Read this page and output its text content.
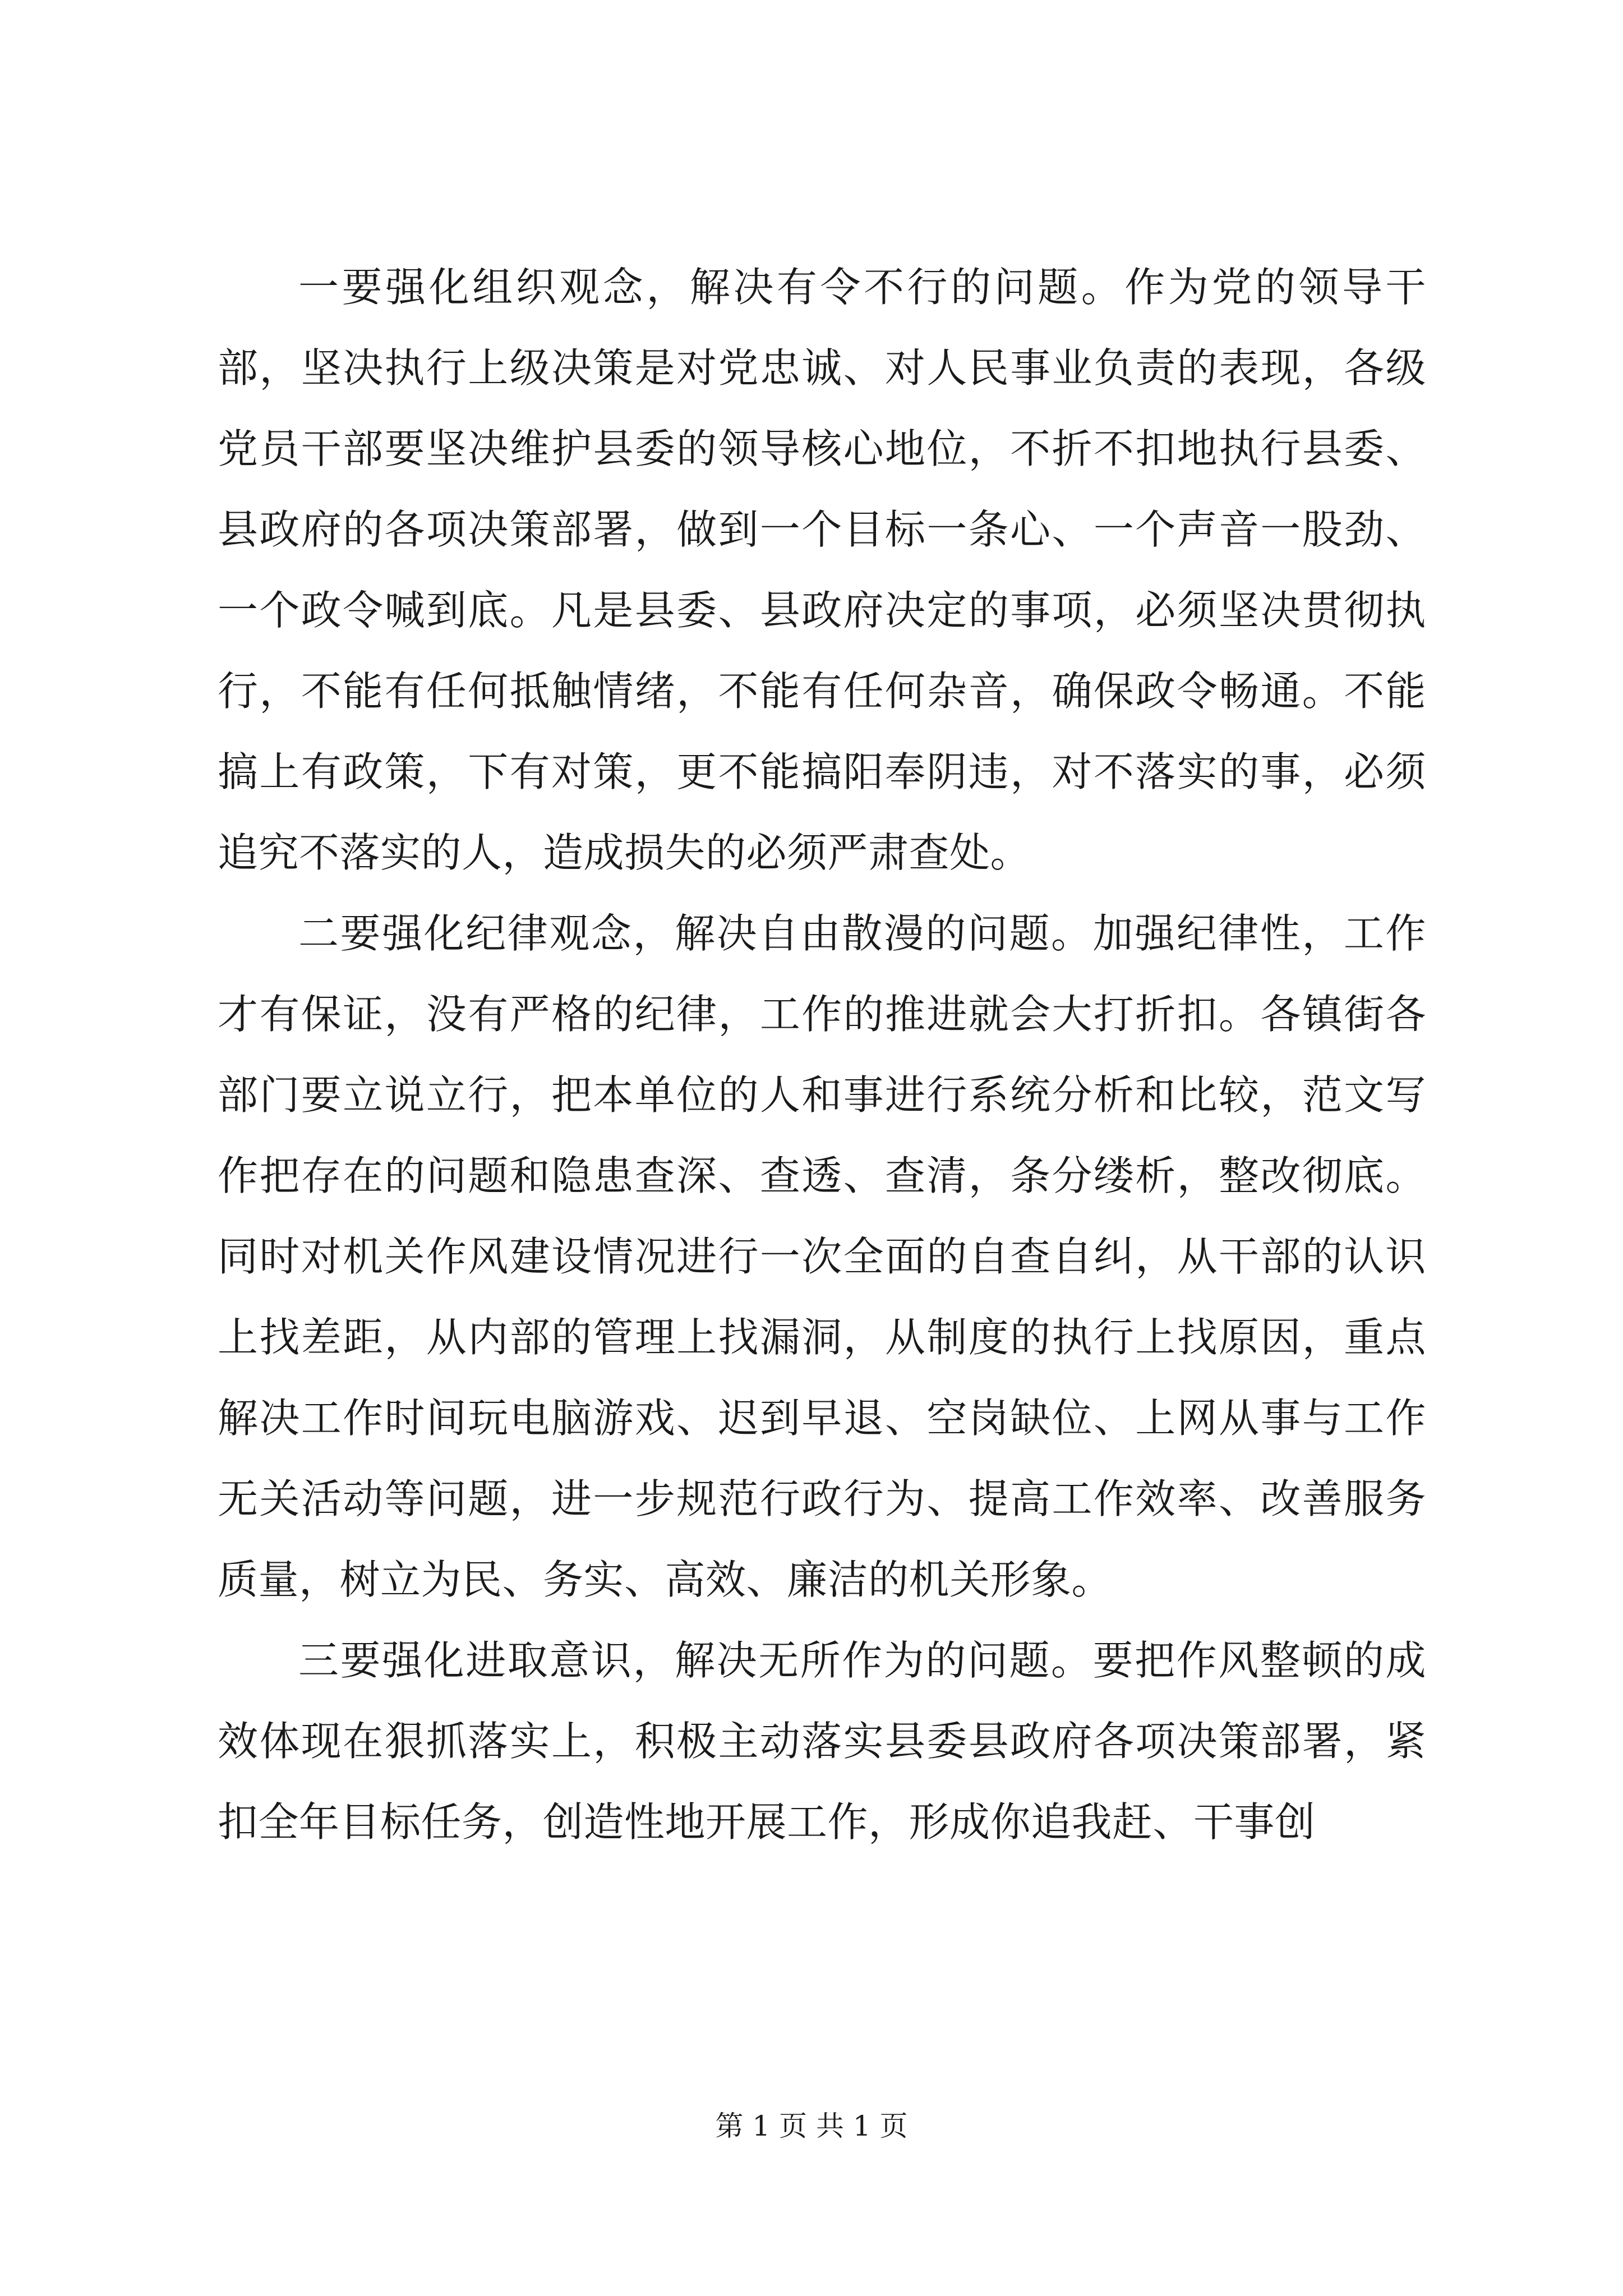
一要强化组织观念，解决有令不行的问题。作为党的领导干部，坚决执行上级决策是对党忠诚、对人民事业负责的表现，各级党员干部要坚决维护县委的领导核心地位，不折不扣地执行县委、县政府的各项决策部署，做到一个目标一条心、一个声音一股劲、一个政令喊到底。凡是县委、县政府决定的事项，必须坚决贯彻执行，不能有任何抵触情绪，不能有任何杂音，确保政令畅通。不能搞上有政策，下有对策，更不能搞阳奉阴违，对不落实的事，必须追究不落实的人，造成损失的必须严肃查处。

二要强化纪律观念，解决自由散漫的问题。加强纪律性，工作才有保证，没有严格的纪律，工作的推进就会大打折扣。各镇街各部门要立说立行，把本单位的人和事进行系统分析和比较，范文写作把存在的问题和隐患查深、查透、查清，条分缕析，整改彻底。同时对机关作风建设情况进行一次全面的自查自纠，从干部的认识上找差距，从内部的管理上找漏洞，从制度的执行上找原因，重点解决工作时间玩电脑游戏、迟到早退、空岗缺位、上网从事与工作无关活动等问题，进一步规范行政行为、提高工作效率、改善服务质量，树立为民、务实、高效、廉洁的机关形象。

三要强化进取意识，解决无所作为的问题。要把作风整顿的成效体现在狠抓落实上，积极主动落实县委县政府各项决策部署，紧扣全年目标任务，创造性地开展工作，形成你追我赶、干事创

第 1 页 共 1 页
